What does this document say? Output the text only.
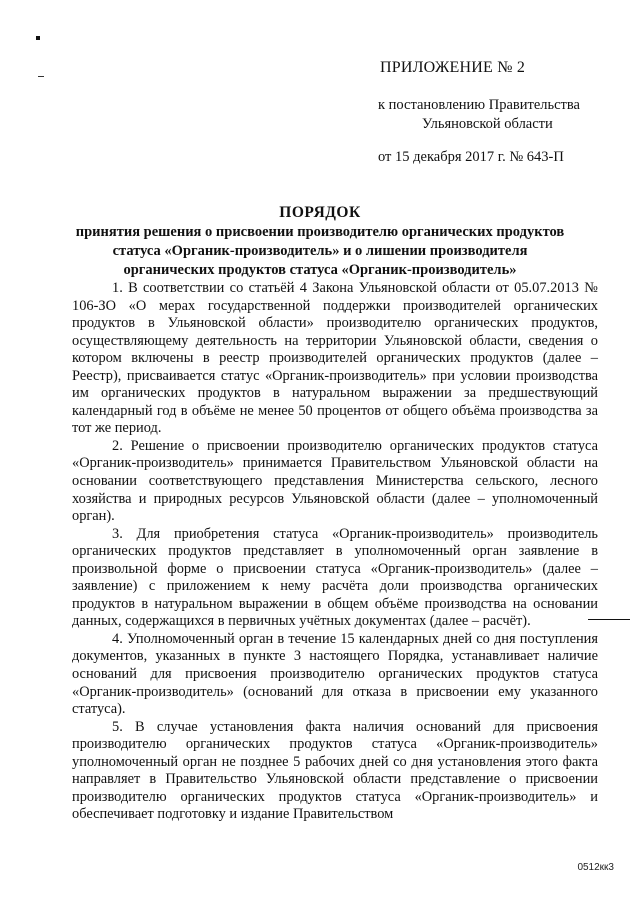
ПРИЛОЖЕНИЕ № 2
к постановлению Правительства
Ульяновской области
от 15 декабря 2017 г. № 643-П
ПОРЯДОК
принятия решения о присвоении производителю органических продуктов
статуса «Органик-производитель» и о лишении производителя
органических продуктов статуса «Органик-производитель»

1. В соответствии со статьёй 4 Закона Ульяновской области от 05.07.2013 № 106-ЗО «О мерах государственной поддержки производителей органических продуктов в Ульяновской области» производителю органических продуктов, осуществляющему деятельность на территории Ульяновской области, сведения о котором включены в реестр производителей органических продуктов (далее – Реестр), присваивается статус «Органик-производитель» при условии производства им органических продуктов в натуральном выражении за предшествующий календарный год в объёме не менее 50 процентов от общего объёма производства за тот же период.

2. Решение о присвоении производителю органических продуктов статуса «Органик-производитель» принимается Правительством Ульяновской области на основании соответствующего представления Министерства сельского, лесного хозяйства и природных ресурсов Ульяновской области (далее – уполномоченный орган).

3. Для приобретения статуса «Органик-производитель» производитель органических продуктов представляет в уполномоченный орган заявление в произвольной форме о присвоении статуса «Органик-производитель» (далее – заявление) с приложением к нему расчёта доли производства органических продуктов в натуральном выражении в общем объёме производства на основании данных, содержащихся в первичных учётных документах (далее – расчёт).

4. Уполномоченный орган в течение 15 календарных дней со дня поступления документов, указанных в пункте 3 настоящего Порядка, устанавливает наличие оснований для присвоения производителю органических продуктов статуса «Органик-производитель» (оснований для отказа в присвоении ему указанного статуса).

5. В случае установления факта наличия оснований для присвоения производителю органических продуктов статуса «Органик-производитель» уполномоченный орган не позднее 5 рабочих дней со дня установления этого факта направляет в Правительство Ульяновской области представление о присвоении производителю органических продуктов статуса «Органик-производитель» и обеспечивает подготовку и издание Правительством

0512кк3
